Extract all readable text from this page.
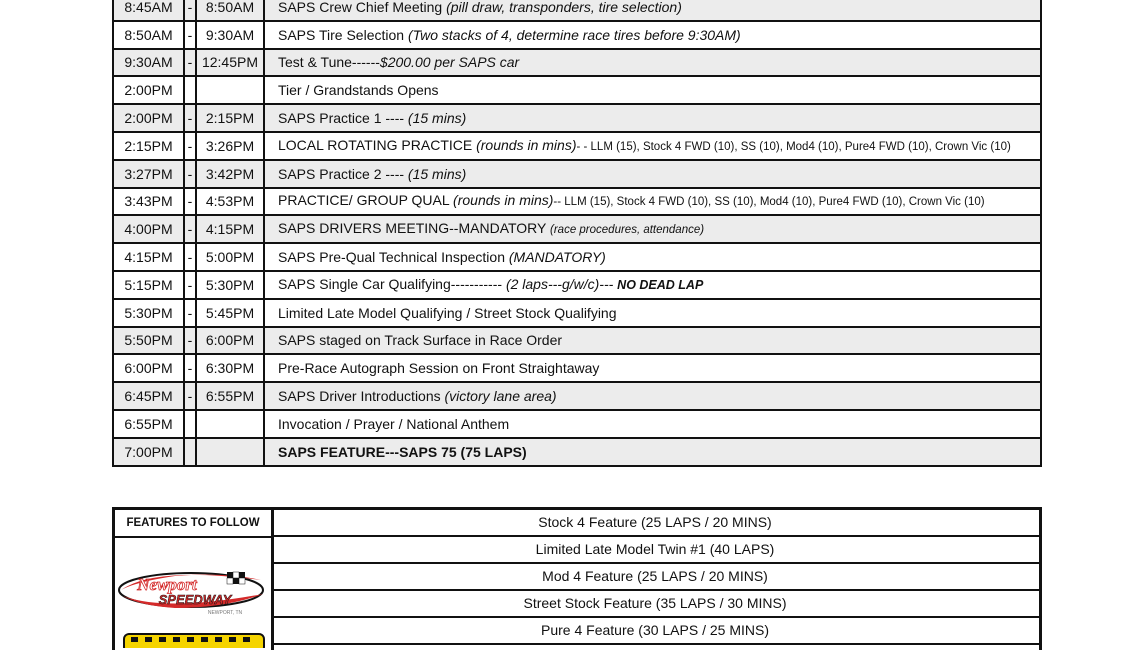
8:45AM	-	8:50AM	SAPS Crew Chief Meeting (pill draw, transponders, tire selection)
8:50AM	-	9:30AM	SAPS Tire Selection (Two stacks of 4, determine race tires before 9:30AM)
9:30AM	-	12:45PM	Test & Tune------$200.00 per SAPS car
2:00PM			Tier / Grandstands Opens
2:00PM	-	2:15PM	SAPS Practice 1 ---- (15 mins)
2:15PM	-	3:26PM	LOCAL ROTATING PRACTICE (rounds in mins)- - LLM (15), Stock 4 FWD (10), SS (10), Mod4 (10), Pure4 FWD (10), Crown Vic (10)
3:27PM	-	3:42PM	SAPS Practice 2 ---- (15 mins)
3:43PM	-	4:53PM	PRACTICE/ GROUP QUAL (rounds in mins)-- LLM (15), Stock 4 FWD (10), SS (10), Mod4 (10), Pure4 FWD (10), Crown Vic (10)
4:00PM	-	4:15PM	SAPS DRIVERS MEETING--MANDATORY (race procedures, attendance)
4:15PM	-	5:00PM	SAPS Pre-Qual Technical Inspection (MANDATORY)
5:15PM	-	5:30PM	SAPS Single Car Qualifying----------- (2 laps---g/w/c)--- NO DEAD LAP
5:30PM	-	5:45PM	Limited Late Model Qualifying / Street Stock Qualifying
5:50PM	-	6:00PM	SAPS staged on Track Surface in Race Order
6:00PM	-	6:30PM	Pre-Race Autograph Session on Front Straightaway
6:45PM	-	6:55PM	SAPS Driver Introductions (victory lane area)
6:55PM			Invocation / Prayer / National Anthem
7:00PM			SAPS FEATURE---SAPS 75 (75 LAPS)
FEATURES TO FOLLOW
Newport
SPEEDWAY
NEWPORT, TN
Stock 4 Feature (25 LAPS / 20 MINS)
Limited Late Model Twin #1 (40 LAPS)
Mod 4 Feature (25 LAPS / 20 MINS)
Street Stock Feature (35 LAPS / 30 MINS)
Pure 4 Feature (30 LAPS / 25 MINS)
